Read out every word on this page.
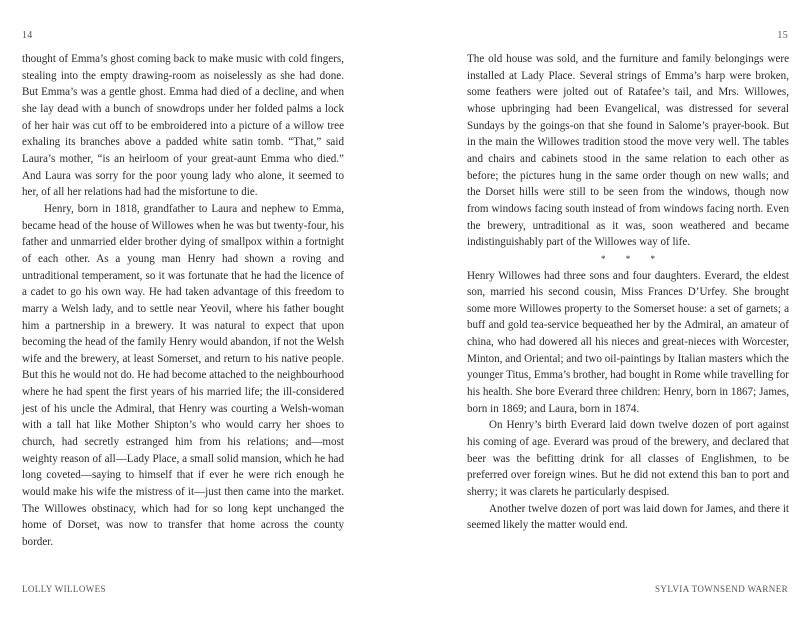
14

thought of Emma’s ghost coming back to make music with cold fingers, stealing into the empty drawing-room as noiselessly as she had done. But Emma’s was a gentle ghost. Emma had died of a decline, and when she lay dead with a bunch of snowdrops under her folded palms a lock of her hair was cut off to be embroidered into a picture of a willow tree exhaling its branches above a padded white satin tomb. “That,” said Laura’s mother, “is an heirloom of your great-aunt Emma who died.” And Laura was sorry for the poor young lady who alone, it seemed to her, of all her relations had had the misfortune to die.

Henry, born in 1818, grandfather to Laura and nephew to Emma, became head of the house of Willowes when he was but twenty-four, his father and unmarried elder brother dying of smallpox within a fortnight of each other. As a young man Henry had shown a roving and untraditional temperament, so it was fortunate that he had the licence of a cadet to go his own way. He had taken advantage of this freedom to marry a Welsh lady, and to settle near Yeovil, where his father bought him a partnership in a brewery. It was natural to expect that upon becoming the head of the family Henry would abandon, if not the Welsh wife and the brewery, at least Somerset, and return to his native people. But this he would not do. He had become attached to the neighbourhood where he had spent the first years of his married life; the ill-considered jest of his uncle the Admiral, that Henry was courting a Welsh-woman with a tall hat like Mother Shipton’s who would carry her shoes to church, had secretly estranged him from his relations; and—most weighty reason of all—Lady Place, a small solid mansion, which he had long coveted—saying to himself that if ever he were rich enough he would make his wife the mistress of it—just then came into the market. The Willowes obstinacy, which had for so long kept unchanged the home of Dorset, was now to transfer that home across the county border.

LOLLY WILLOWES
15

The old house was sold, and the furniture and family belongings were installed at Lady Place. Several strings of Emma’s harp were broken, some feathers were jolted out of Ratafee’s tail, and Mrs. Willowes, whose upbringing had been Evangelical, was distressed for several Sundays by the goings-on that she found in Salome’s prayer-book. But in the main the Willowes tradition stood the move very well. The tables and chairs and cabinets stood in the same relation to each other as before; the pictures hung in the same order though on new walls; and the Dorset hills were still to be seen from the windows, though now from windows facing south instead of from windows facing north. Even the brewery, untraditional as it was, soon weathered and became indistinguishably part of the Willowes way of life.

* * *

Henry Willowes had three sons and four daughters. Everard, the eldest son, married his second cousin, Miss Frances D’Urfey. She brought some more Willowes property to the Somerset house: a set of garnets; a buff and gold tea-service bequeathed her by the Admiral, an amateur of china, who had dowered all his nieces and great-nieces with Worcester, Minton, and Oriental; and two oil-paintings by Italian masters which the younger Titus, Emma’s brother, had bought in Rome while travelling for his health. She bore Everard three children: Henry, born in 1867; James, born in 1869; and Laura, born in 1874.

On Henry’s birth Everard laid down twelve dozen of port against his coming of age. Everard was proud of the brewery, and declared that beer was the befitting drink for all classes of Englishmen, to be preferred over foreign wines. But he did not extend this ban to port and sherry; it was clarets he particularly despised.

Another twelve dozen of port was laid down for James, and there it seemed likely the matter would end.

SYLVIA TOWNSEND WARNER
